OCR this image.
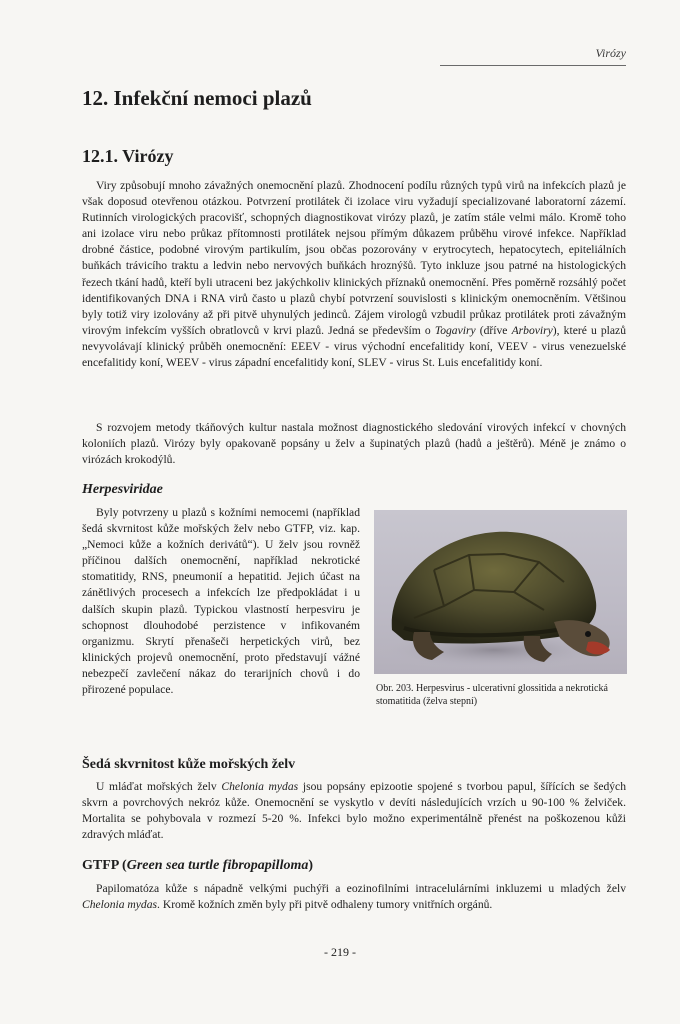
Virózy
12. Infekční nemoci plazů
12.1. Virózy

Viry způsobují mnoho závažných onemocnění plazů. Zhodnocení podílu různých typů virů na infekcích plazů je však doposud otevřenou otázkou. Potvrzení protilátek či izolace viru vyžadují specializované laboratorní zázemí. Rutinních virologických pracovišť, schopných diagnostikovat virózy plazů, je zatím stále velmi málo. Kromě toho ani izolace viru nebo průkaz přítomnosti protilátek nejsou přímým důkazem průběhu virové infekce. Například drobné částice, podobné virovým partikulím, jsou občas pozorovány v erytrocytech, hepatocytech, epiteliálních buňkách trávicího traktu a ledvin nebo nervových buňkách hroznýšů. Tyto inkluze jsou patrné na histologických řezech tkání hadů, kteří byli utraceni bez jakýchkoliv klinických příznaků onemocnění. Přes poměrně rozsáhlý počet identifikovaných DNA i RNA virů často u plazů chybí potvrzení souvislosti s klinickým onemocněním. Většinou byly totiž viry izolovány až při pitvě uhynulých jedinců. Zájem virologů vzbudil průkaz protilátek proti závažným virovým infekcím vyšších obratlovců v krvi plazů. Jedná se především o Togaviry (dříve Arboviry), které u plazů nevyvolávají klinický průběh onemocnění: EEEV - virus východní encefalitidy koní, VEEV - virus venezuelské encefalitidy koní, WEEV - virus západní encefalitidy koní, SLEV - virus St. Luis encefalitidy koní.

S rozvojem metody tkáňových kultur nastala možnost diagnostického sledování virových infekcí v chovných koloniích plazů. Virózy byly opakovaně popsány u želv a šupinatých plazů (hadů a ještěrů). Méně je známo o virózách krokodýlů.

Herpesviridae

Byly potvrzeny u plazů s kožními nemocemi (například šedá skvrnitost kůže mořských želv nebo GTFP, viz. kap. „Nemoci kůže a kožních derivátů“). U želv jsou rovněž příčinou dalších onemocnění, například nekrotické stomatitidy, RNS, pneumonií a hepatitid. Jejich účast na zánětlivých procesech a infekcích lze předpokládat i u dalších skupin plazů. Typickou vlastností herpesviru je schopnost dlouhodobé perzistence v infikovaném organizmu. Skrytí přenašeči herpetických virů, bez klinických projevů onemocnění, proto představují vážné nebezpečí zavlečení nákaz do terarijních chovů i do přirozené populace.	Obr. 203. Herpesvirus - ulcerativní glossitida a nekrotická stomatitida (želva stepní)

Šedá skvrnitost kůže mořských želv

U mláďat mořských želv Chelonia mydas jsou popsány epizootie spojené s tvorbou papul, šířících se šedých skvrn a povrchových nekróz kůže. Onemocnění se vyskytlo v devíti následujících vrzích u 90-100 % želviček. Mortalita se pohybovala v rozmezí 5-20 %. Infekci bylo možno experimentálně přenést na poškozenou kůži zdravých mláďat.

GTFP (Green sea turtle fibropapilloma)

Papilomatóza kůže s nápadně velkými puchýři a eozinofilními intracelulárními inkluzemi u mladých želv Chelonia mydas. Kromě kožních změn byly při pitvě odhaleny tumory vnitřních orgánů.

- 219 -
